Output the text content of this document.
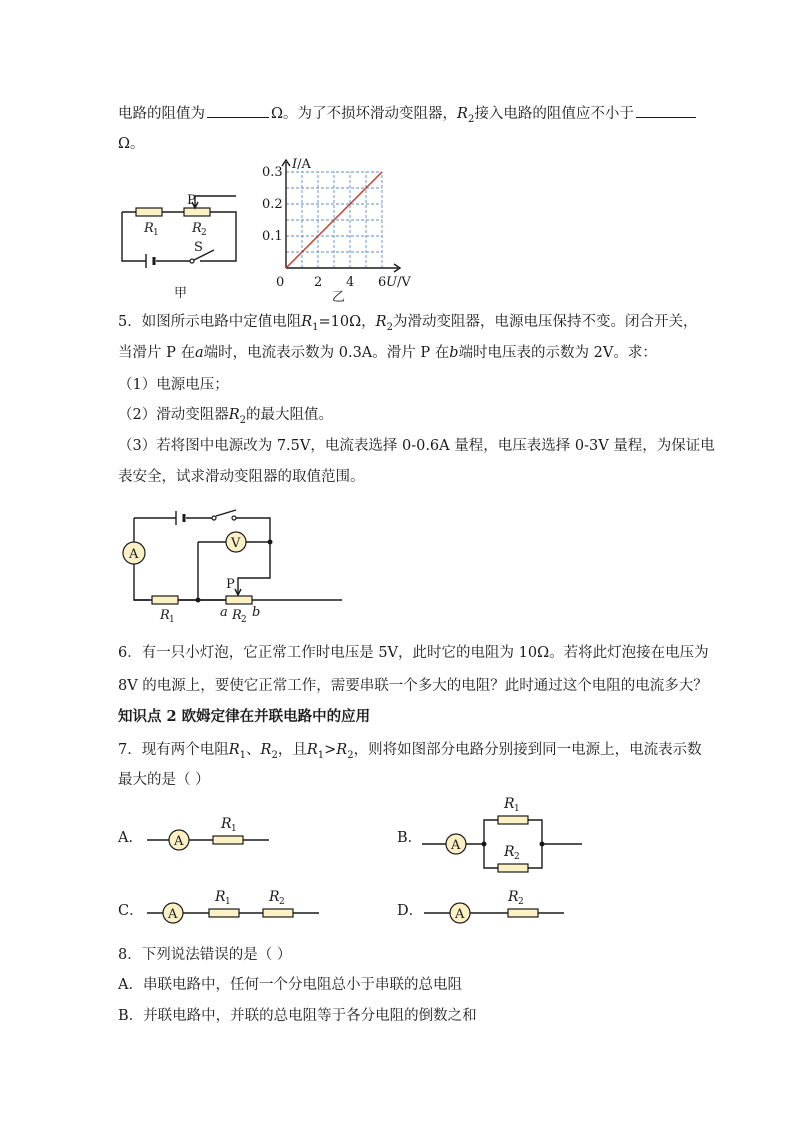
电路的阻值为	Ω。为了不损坏滑动变阻器，$R_2$接入电路的阻值应不小于
Ω。
P
R 1	R 2
S
甲
0 2 4 6
0.1
0.2
0.3
I/A
U/V
乙
5．如图所示电路中定值电阻$R_1=10\Omega$，$R_2$为滑动变阻器，电源电压保持不变。闭合开关，
当滑片 P 在a端时，电流表示数为 0.3A。滑片 P 在b端时电压表的示数为 2V。求：
（1）电源电压；
（2）滑动变阻器$R_2$的最大阻值。
（3）若将图中电源改为 7.5V，电流表选择 0-0.6A 量程，电压表选择 0-3V 量程，为保证电
表安全，试求滑动变阻器的取值范围。
A
V
P
R 1	a R 2 b
6．有一只小灯泡，它正常工作时电压是 5V，此时它的电阻为 10Ω。若将此灯泡接在电压为
8V 的电源上，要使它正常工作，需要串联一个多大的电阻？此时通过这个电阻的电流多大？
知识点 2 欧姆定律在并联电路中的应用
7．现有两个电阻$R_1$、$R_2$，且$R_1>R_2$，则将如图部分电路分别接到同一电源上，电流表示数
最大的是（ ）
A． A
R 1
B． A
R 1
R 2
C． A
R 1	R 2
D． A
R 2
8．下列说法错误的是（ ）
A．串联电路中，任何一个分电阻总小于串联的总电阻
B．并联电路中，并联的总电阻等于各分电阻的倒数之和
